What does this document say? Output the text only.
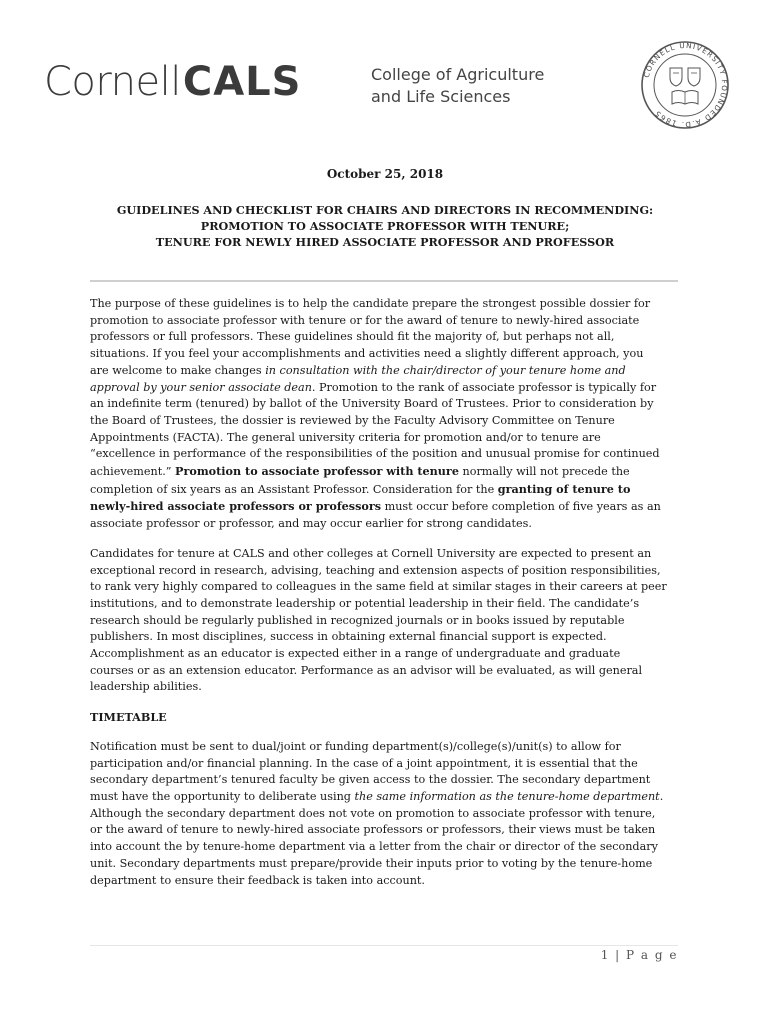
Cornell CALS	College of Agriculture
and Life Sciences
CORNELL UNIVERSITY FOUNDED A.D. 1865
October 25, 2018
GUIDELINES AND CHECKLIST FOR CHAIRS AND DIRECTORS IN RECOMMENDING:
PROMOTION TO ASSOCIATE PROFESSOR WITH TENURE;
TENURE FOR NEWLY HIRED ASSOCIATE PROFESSOR AND PROFESSOR

The purpose of these guidelines is to help the candidate prepare the strongest possible dossier for
promotion to associate professor with tenure or for the award of tenure to newly-hired associate
professors or full professors. These guidelines should fit the majority of, but perhaps not all,
situations. If you feel your accomplishments and activities need a slightly different approach, you
are welcome to make changes in consultation with the chair/director of your tenure home and
approval by your senior associate dean. Promotion to the rank of associate professor is typically for
an indefinite term (tenured) by ballot of the University Board of Trustees. Prior to consideration by
the Board of Trustees, the dossier is reviewed by the Faculty Advisory Committee on Tenure
Appointments (FACTA). The general university criteria for promotion and/or to tenure are
“excellence in performance of the responsibilities of the position and unusual promise for continued
achievement.” Promotion to associate professor with tenure normally will not precede the
completion of six years as an Assistant Professor. Consideration for the granting of tenure to
newly-hired associate professors or professors must occur before completion of five years as an
associate professor or professor, and may occur earlier for strong candidates.

Candidates for tenure at CALS and other colleges at Cornell University are expected to present an
exceptional record in research, advising, teaching and extension aspects of position responsibilities,
to rank very highly compared to colleagues in the same field at similar stages in their careers at peer
institutions, and to demonstrate leadership or potential leadership in their field. The candidate’s
research should be regularly published in recognized journals or in books issued by reputable
publishers. In most disciplines, success in obtaining external financial support is expected.
Accomplishment as an educator is expected either in a range of undergraduate and graduate
courses or as an extension educator. Performance as an advisor will be evaluated, as will general
leadership abilities.

TIMETABLE

Notification must be sent to dual/joint or funding department(s)/college(s)/unit(s) to allow for
participation and/or financial planning. In the case of a joint appointment, it is essential that the
secondary department’s tenured faculty be given access to the dossier. The secondary department
must have the opportunity to deliberate using the same information as the tenure-home department.
Although the secondary department does not vote on promotion to associate professor with tenure,
or the award of tenure to newly-hired associate professors or professors, their views must be taken
into account the by tenure-home department via a letter from the chair or director of the secondary
unit. Secondary departments must prepare/provide their inputs prior to voting by the tenure-home
department to ensure their feedback is taken into account.

1 | P a g e
